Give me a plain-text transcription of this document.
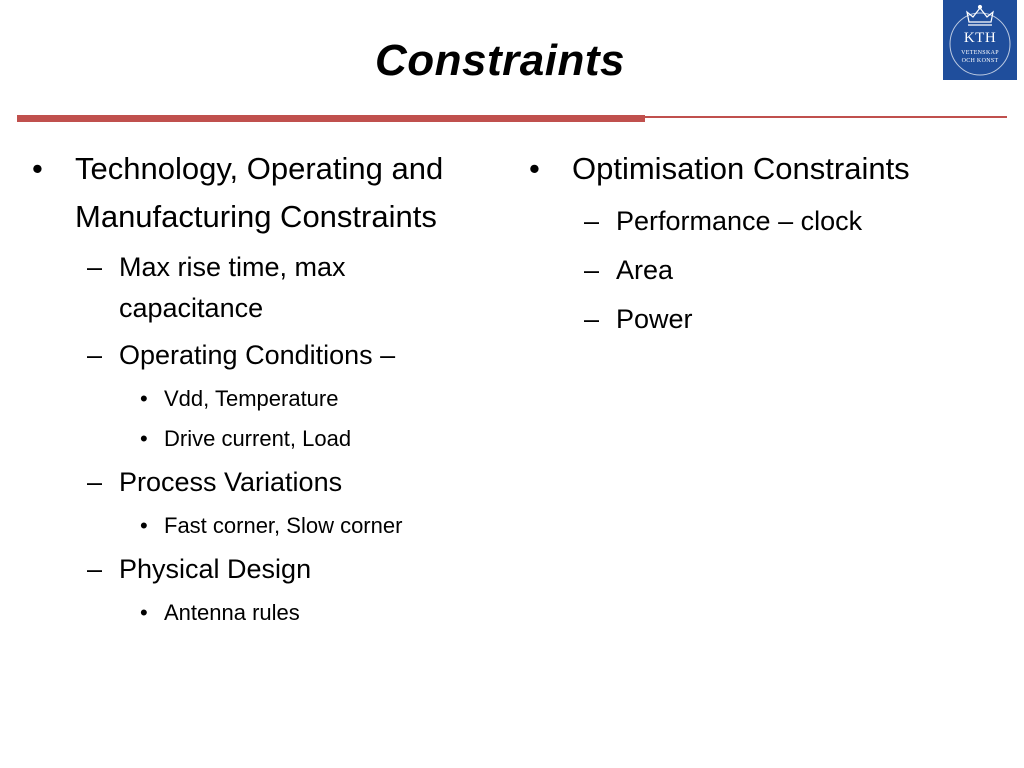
Constraints	KTH
VETENSKAP
OCH KONST
•	Technology, Operating and Manufacturing Constraints
– Max rise time, max capacitance
– Operating Conditions –
• Vdd, Temperature
• Drive current, Load
– Process Variations
• Fast corner, Slow corner
– Physical Design
• Antenna rules
•	Optimisation Constraints
– Performance – clock
– Area
– Power
